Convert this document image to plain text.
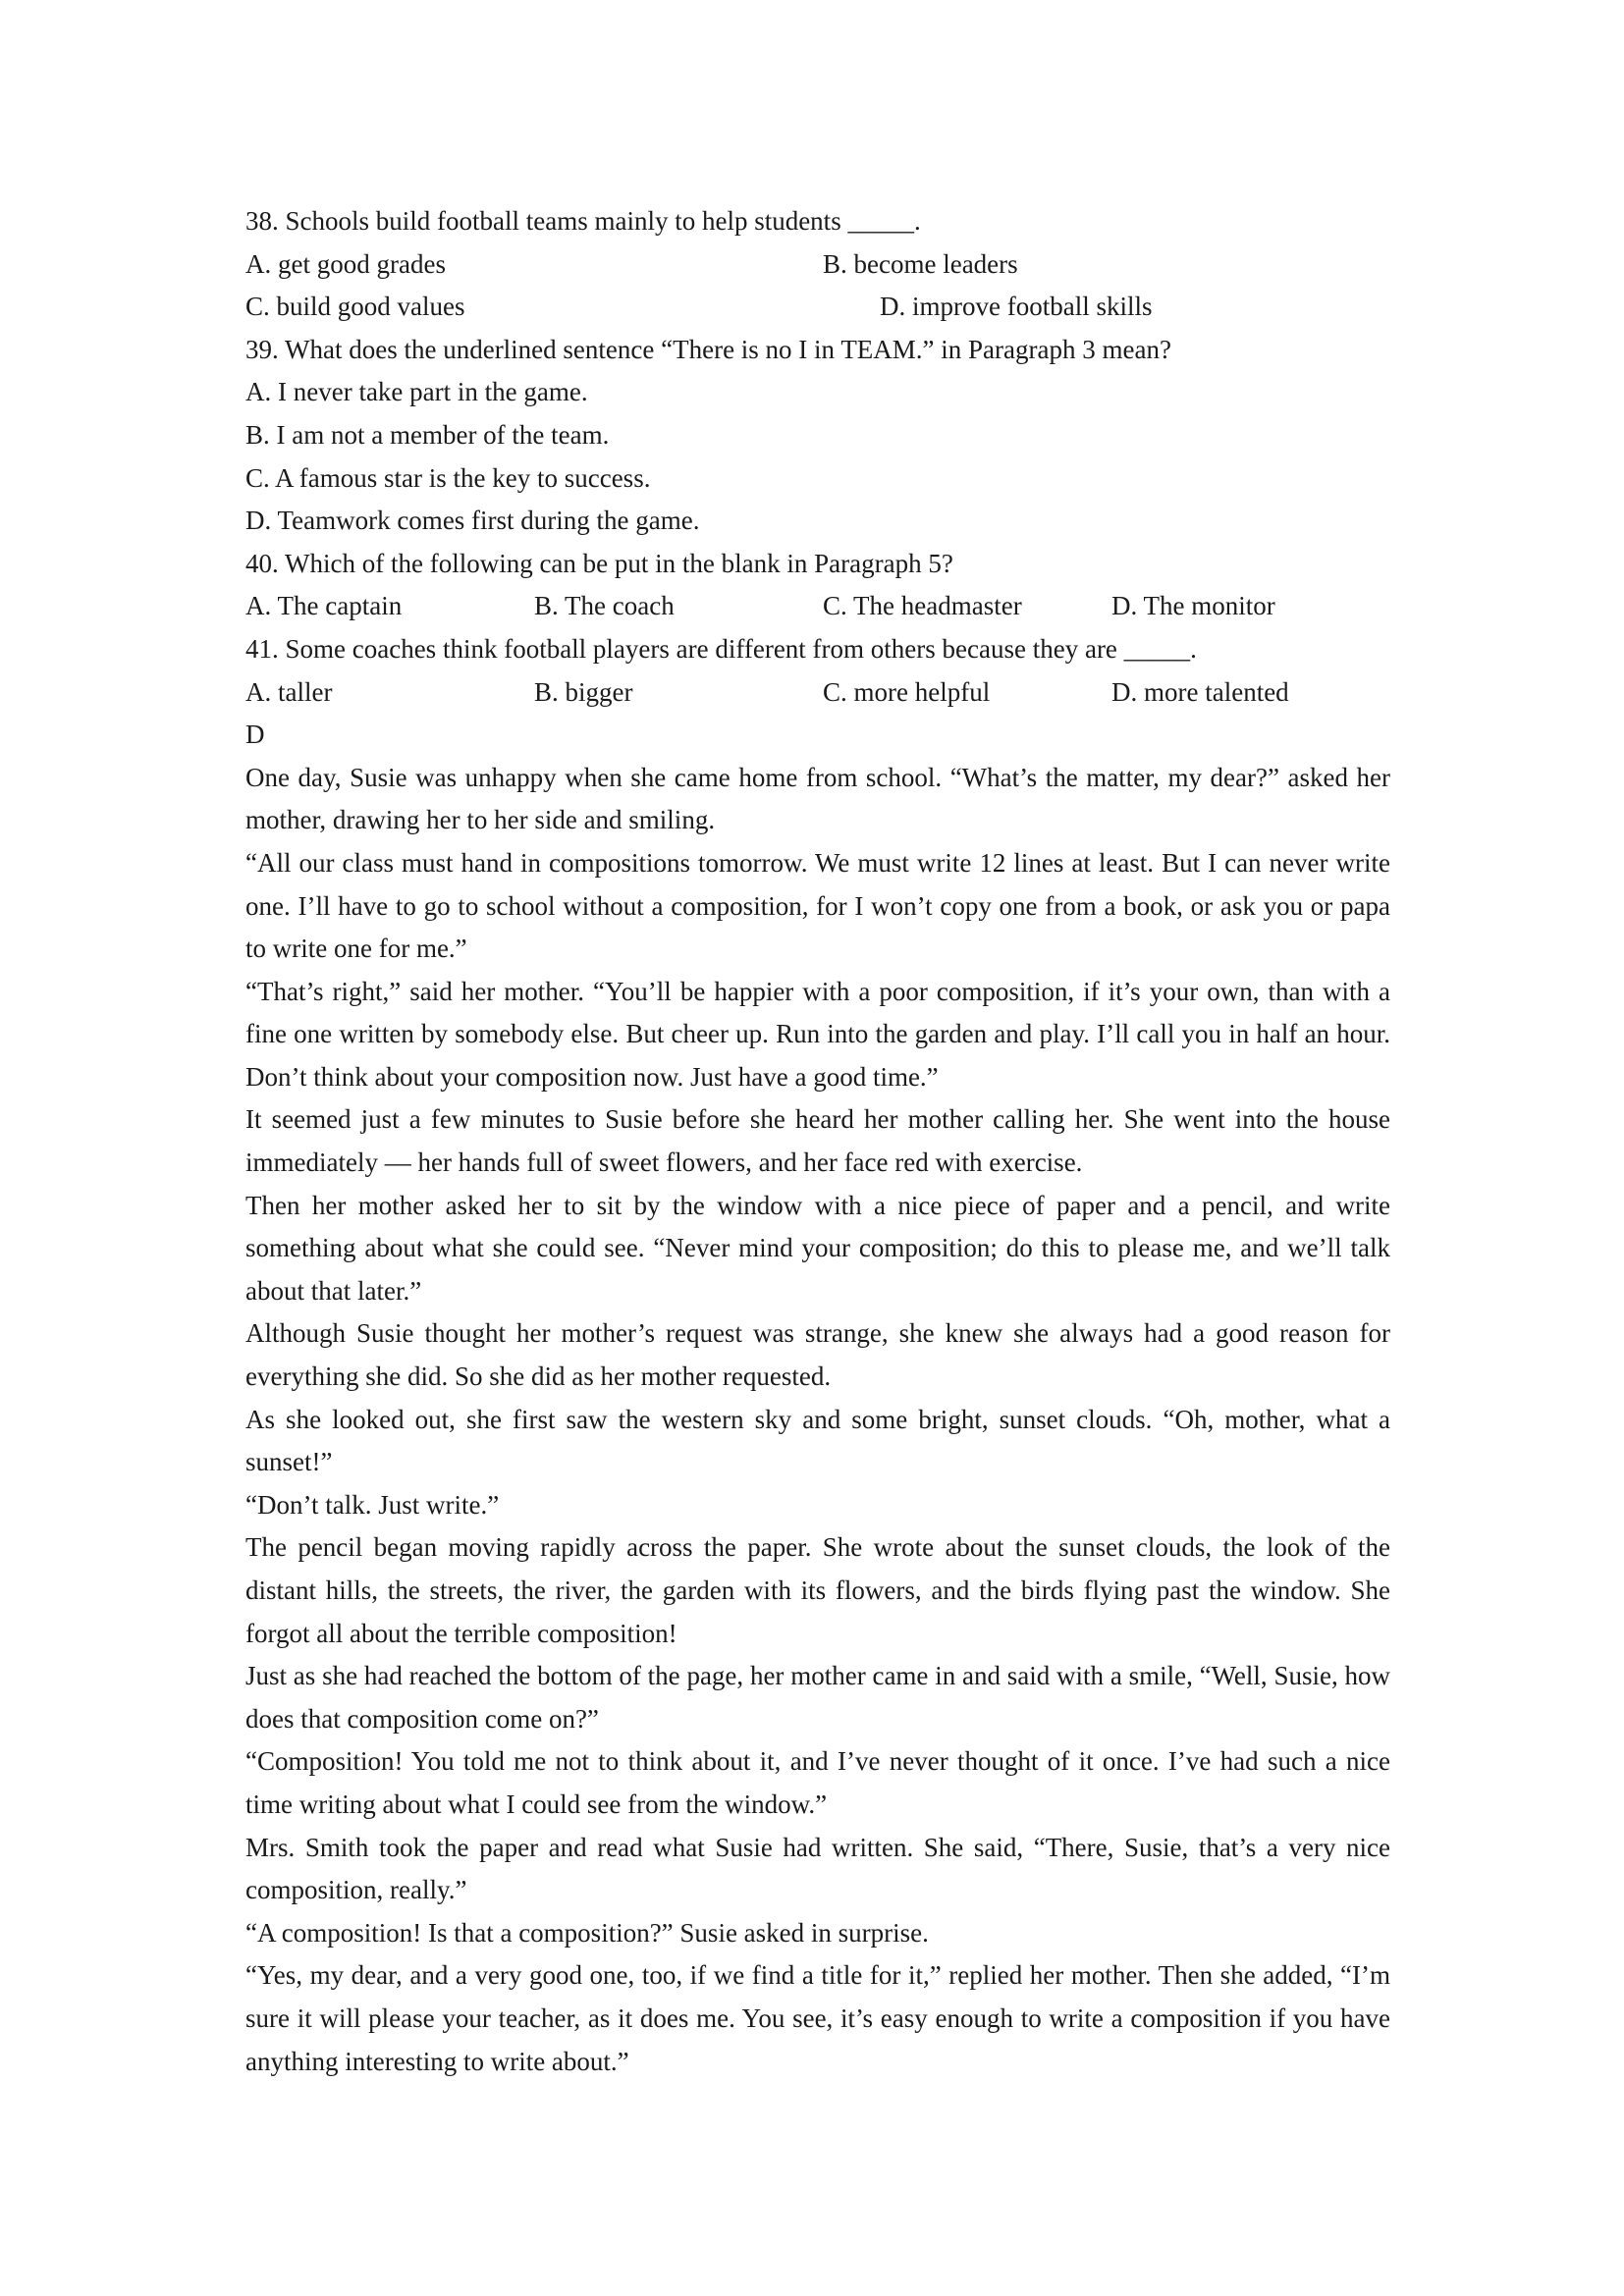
38. Schools build football teams mainly to help students _____.
A. get good grades	B. become leaders
C. build good values	D. improve football skills
39. What does the underlined sentence “There is no I in TEAM.” in Paragraph 3 mean?
A. I never take part in the game.
B. I am not a member of the team.
C. A famous star is the key to success.
D. Teamwork comes first during the game.
40. Which of the following can be put in the blank in Paragraph 5?
A. The captain	B. The coach	C. The headmaster	D. The monitor
41. Some coaches think football players are different from others because they are _____.
A. taller	B. bigger	C. more helpful	D. more talented
D
One day, Susie was unhappy when she came home from school. “What’s the matter, my dear?” asked her mother, drawing her to her side and smiling.
“All our class must hand in compositions tomorrow. We must write 12 lines at least. But I can never write one. I’ll have to go to school without a composition, for I won’t copy one from a book, or ask you or papa to write one for me.”
“That’s right,” said her mother. “You’ll be happier with a poor composition, if it’s your own, than with a fine one written by somebody else. But cheer up. Run into the garden and play. I’ll call you in half an hour. Don’t think about your composition now. Just have a good time.”
It seemed just a few minutes to Susie before she heard her mother calling her. She went into the house immediately — her hands full of sweet flowers, and her face red with exercise.
Then her mother asked her to sit by the window with a nice piece of paper and a pencil, and write something about what she could see. “Never mind your composition; do this to please me, and we’ll talk about that later.”
Although Susie thought her mother’s request was strange, she knew she always had a good reason for everything she did. So she did as her mother requested.
As she looked out, she first saw the western sky and some bright, sunset clouds. “Oh, mother, what a sunset!”
“Don’t talk. Just write.”
The pencil began moving rapidly across the paper. She wrote about the sunset clouds, the look of the distant hills, the streets, the river, the garden with its flowers, and the birds flying past the window. She forgot all about the terrible composition!
Just as she had reached the bottom of the page, her mother came in and said with a smile, “Well, Susie, how does that composition come on?”
“Composition! You told me not to think about it, and I’ve never thought of it once. I’ve had such a nice time writing about what I could see from the window.”
Mrs. Smith took the paper and read what Susie had written. She said, “There, Susie, that’s a very nice composition, really.”
“A composition! Is that a composition?” Susie asked in surprise.
“Yes, my dear, and a very good one, too, if we find a title for it,” replied her mother. Then she added, “I’m sure it will please your teacher, as it does me. You see, it’s easy enough to write a composition if you have anything interesting to write about.”
